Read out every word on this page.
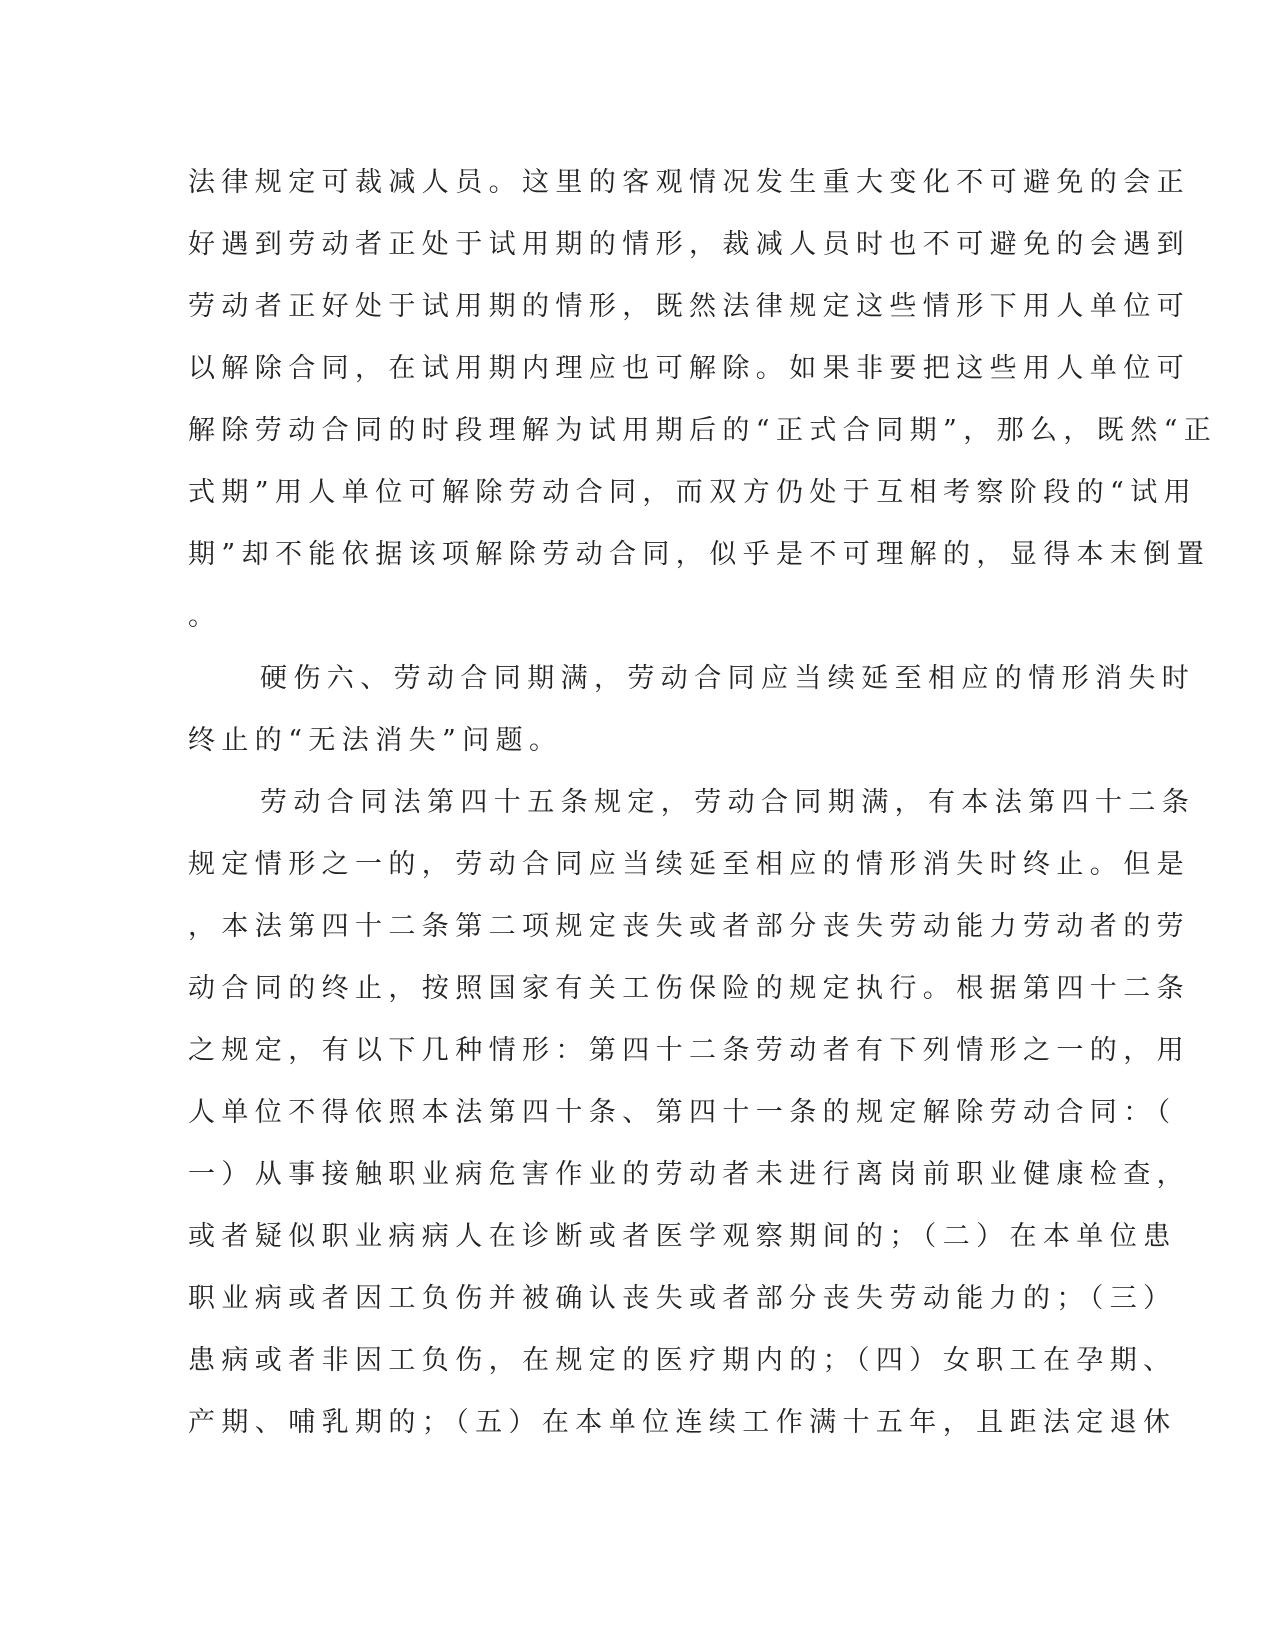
法律规定可裁减人员。这里的客观情况发生重大变化不可避免的会正
好遇到劳动者正处于试用期的情形，裁减人员时也不可避免的会遇到
劳动者正好处于试用期的情形，既然法律规定这些情形下用人单位可
以解除合同，在试用期内理应也可解除。如果非要把这些用人单位可
解除劳动合同的时段理解为试用期后的“正式合同期”，那么，既然“正
式期”用人单位可解除劳动合同，而双方仍处于互相考察阶段的“试用
期”却不能依据该项解除劳动合同，似乎是不可理解的，显得本末倒置
。
硬伤六、劳动合同期满，劳动合同应当续延至相应的情形消失时
终止的“无法消失”问题。
劳动合同法第四十五条规定，劳动合同期满，有本法第四十二条
规定情形之一的，劳动合同应当续延至相应的情形消失时终止。但是
，本法第四十二条第二项规定丧失或者部分丧失劳动能力劳动者的劳
动合同的终止，按照国家有关工伤保险的规定执行。根据第四十二条
之规定，有以下几种情形：第四十二条劳动者有下列情形之一的，用
人单位不得依照本法第四十条、第四十一条的规定解除劳动合同：（
一）从事接触职业病危害作业的劳动者未进行离岗前职业健康检查，
或者疑似职业病病人在诊断或者医学观察期间的；（二）在本单位患
职业病或者因工负伤并被确认丧失或者部分丧失劳动能力的；（三）
患病或者非因工负伤，在规定的医疗期内的；（四）女职工在孕期、
产期、哺乳期的；（五）在本单位连续工作满十五年，且距法定退休
